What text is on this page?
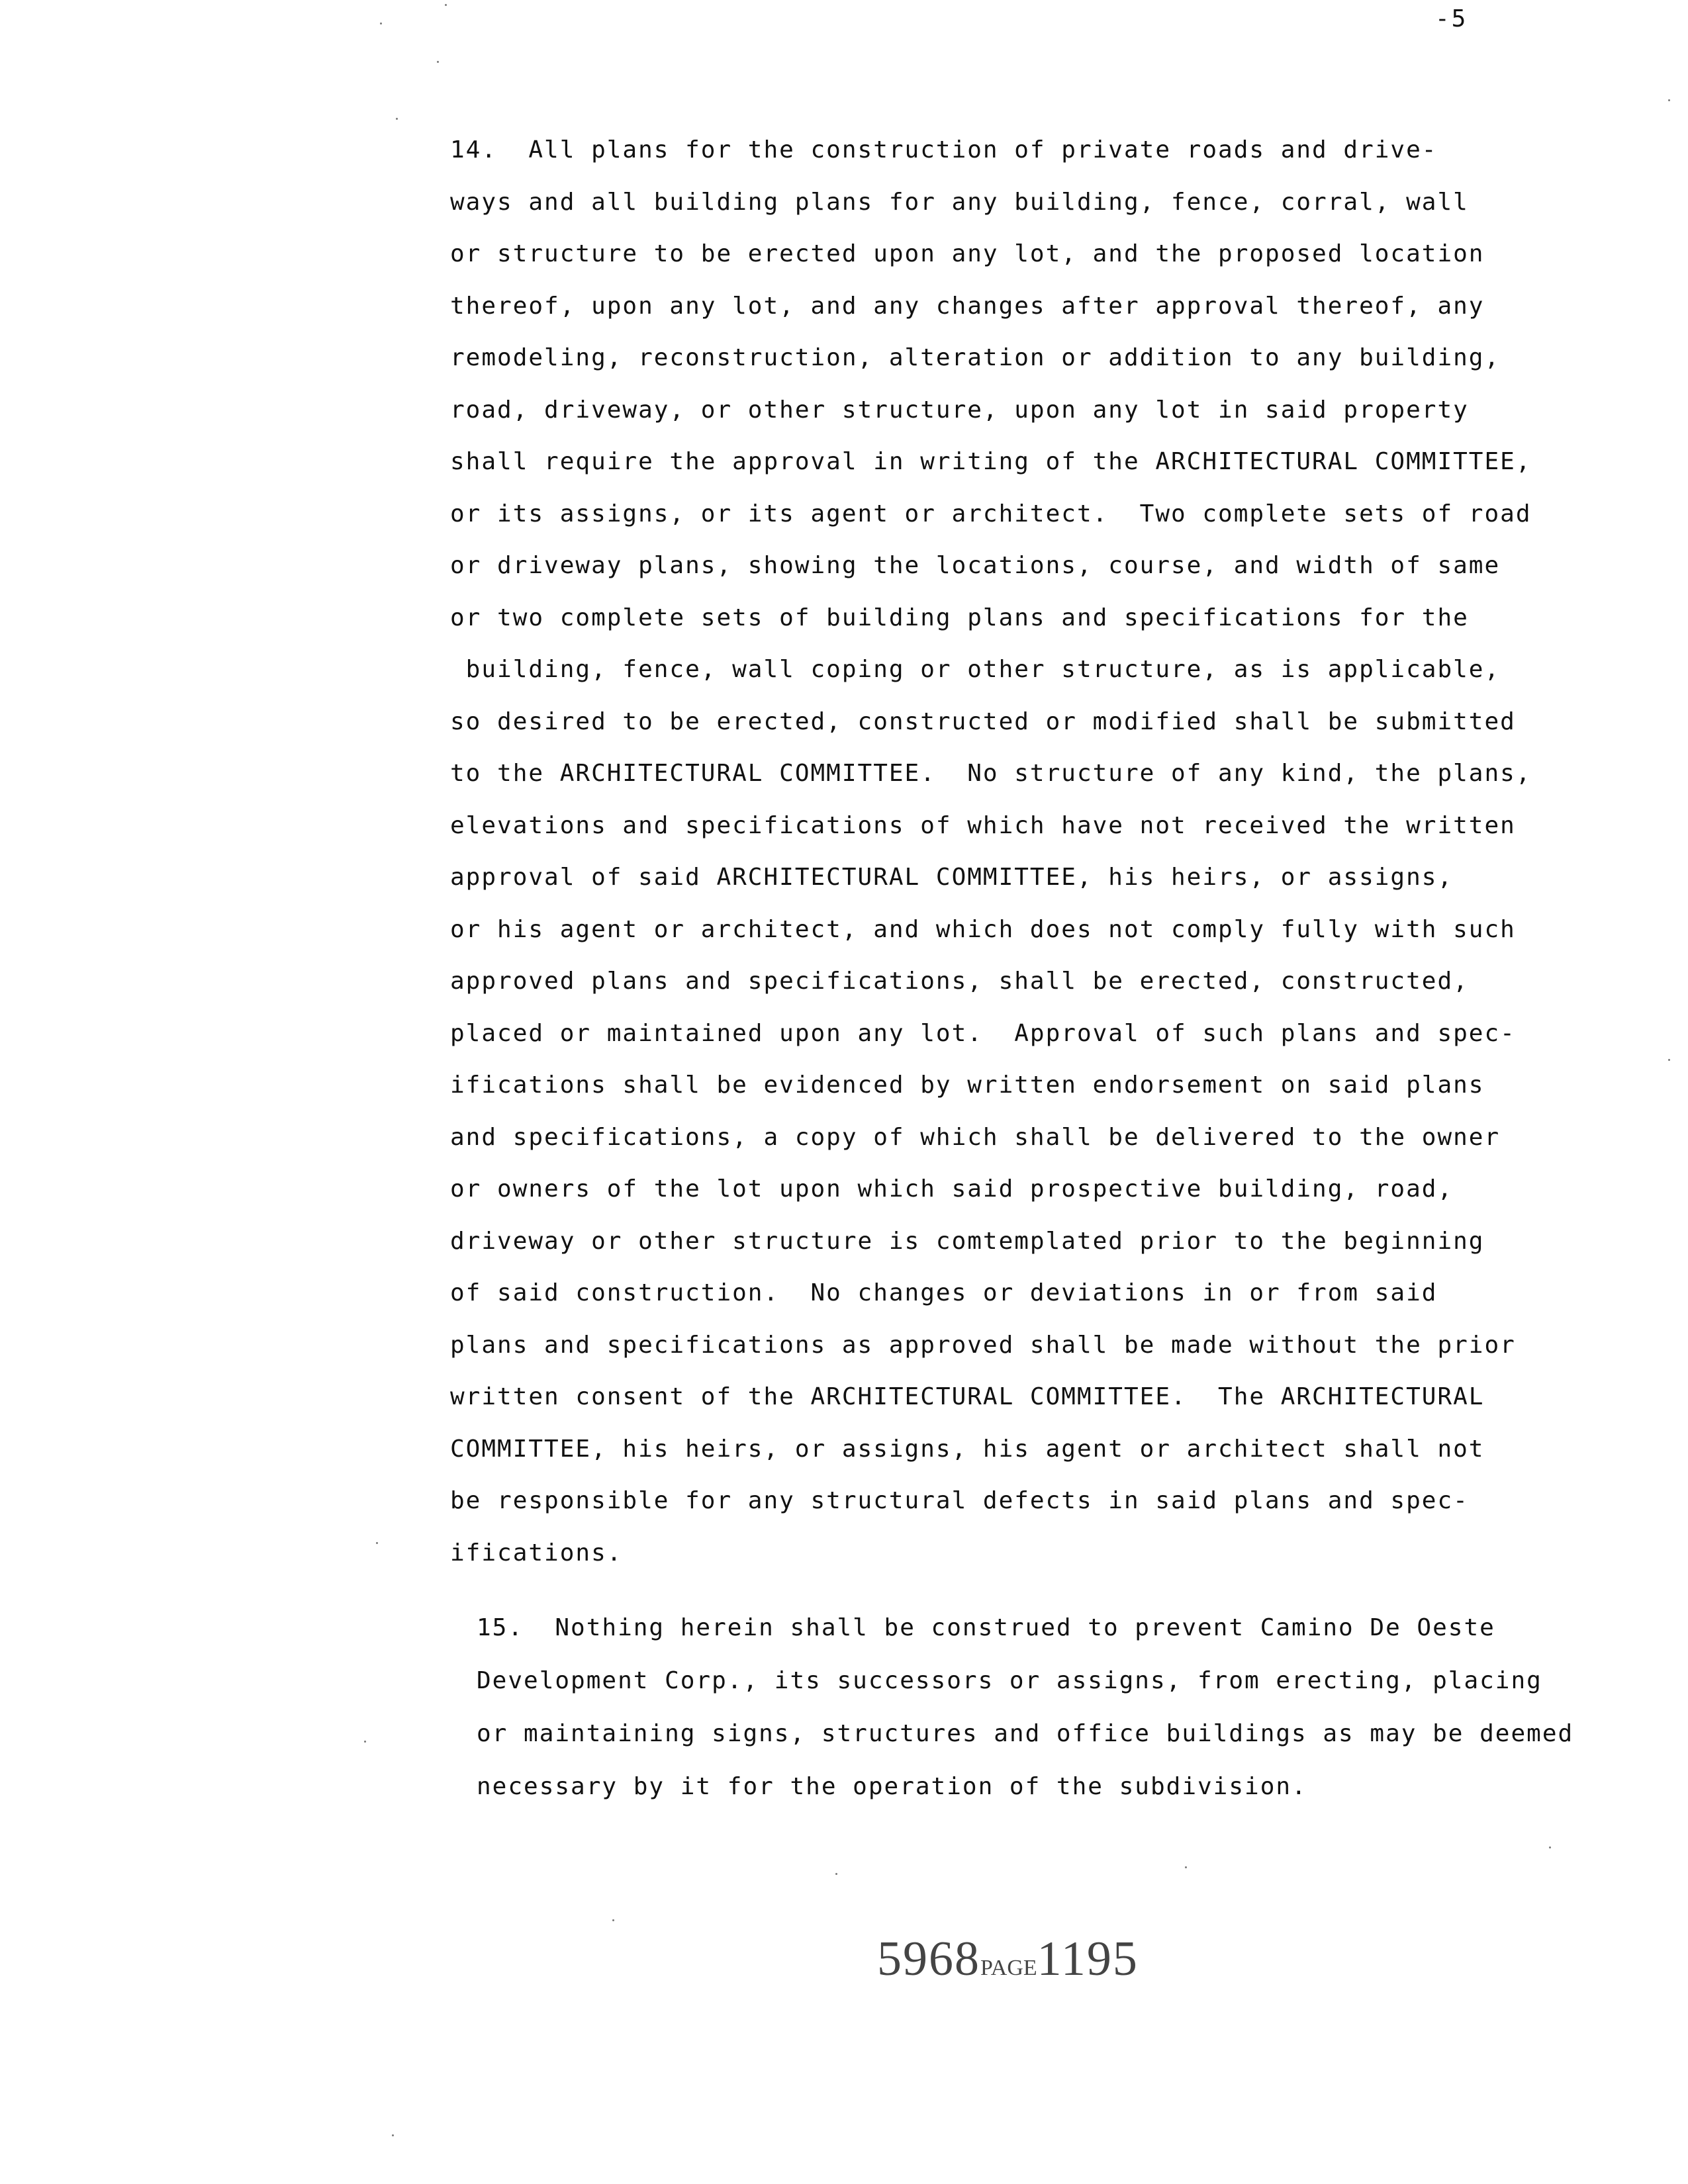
-5
14.  All plans for the construction of private roads and drive-
ways and all building plans for any building, fence, corral, wall
or structure to be erected upon any lot, and the proposed location
thereof, upon any lot, and any changes after approval thereof, any
remodeling, reconstruction, alteration or addition to any building,
road, driveway, or other structure, upon any lot in said property
shall require the approval in writing of the ARCHITECTURAL COMMITTEE,
or its assigns, or its agent or architect.  Two complete sets of road
or driveway plans, showing the locations, course, and width of same
or two complete sets of building plans and specifications for the
building, fence, wall coping or other structure, as is applicable,
so desired to be erected, constructed or modified shall be submitted
to the ARCHITECTURAL COMMITTEE.  No structure of any kind, the plans,
elevations and specifications of which have not received the written
approval of said ARCHITECTURAL COMMITTEE, his heirs, or assigns,
or his agent or architect, and which does not comply fully with such
approved plans and specifications, shall be erected, constructed,
placed or maintained upon any lot.  Approval of such plans and spec-
ifications shall be evidenced by written endorsement on said plans
and specifications, a copy of which shall be delivered to the owner
or owners of the lot upon which said prospective building, road,
driveway or other structure is comtemplated prior to the beginning
of said construction.  No changes or deviations in or from said
plans and specifications as approved shall be made without the prior
written consent of the ARCHITECTURAL COMMITTEE.  The ARCHITECTURAL
COMMITTEE, his heirs, or assigns, his agent or architect shall not
be responsible for any structural defects in said plans and spec-
ifications.
15.  Nothing herein shall be construed to prevent Camino De Oeste
Development Corp., its successors or assigns, from erecting, placing
or maintaining signs, structures and office buildings as may be deemed
necessary by it for the operation of the subdivision.
5968PAGE1195
